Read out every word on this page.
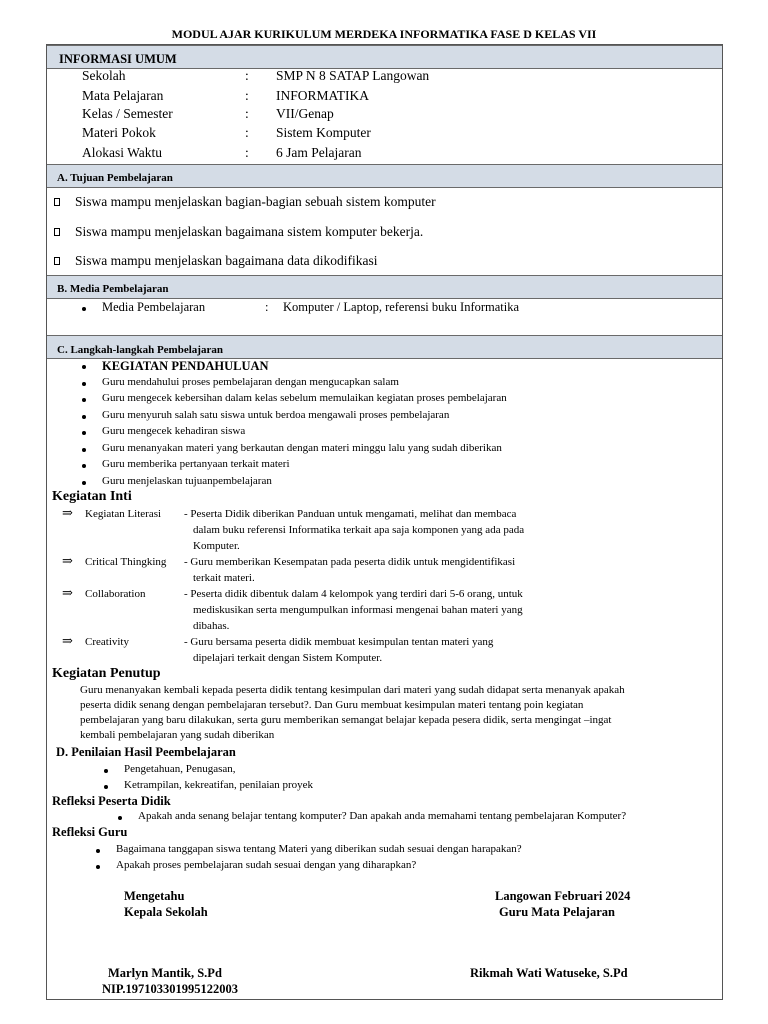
MODUL AJAR KURIKULUM MERDEKA INFORMATIKA FASE D KELAS VII
INFORMASI UMUM
Sekolah	: SMP N 8 SATAP Langowan
Mata Pelajaran	: INFORMATIKA
Kelas / Semester	: VII/Genap
Materi Pokok	: Sistem Komputer
Alokasi Waktu	: 6 Jam Pelajaran
A. Tujuan Pembelajaran
Siswa mampu menjelaskan bagian-bagian sebuah sistem komputer
Siswa mampu menjelaskan bagaimana sistem komputer bekerja.
Siswa mampu menjelaskan bagaimana data dikodifikasi
B. Media Pembelajaran
Media Pembelajaran	: Komputer / Laptop, referensi buku Informatika
C. Langkah-langkah Pembelajaran
KEGIATAN PENDAHULUAN
Guru mendahului proses pembelajaran dengan mengucapkan salam
Guru mengecek kebersihan dalam kelas sebelum memulaikan kegiatan proses pembelajaran
Guru menyuruh salah satu siswa untuk berdoa mengawali proses pembelajaran
Guru mengecek kehadiran siswa
Guru menanyakan materi yang berkautan dengan materi minggu lalu yang sudah diberikan
Guru memberika pertanyaan terkait materi
Guru menjelaskan tujuanpembelajaran
Kegiatan Inti
⇒ Kegiatan Literasi - Peserta Didik diberikan Panduan untuk mengamati, melihat dan membaca
dalam buku referensi Informatika terkait apa saja komponen yang ada pada
Komputer.
⇒ Critical Thingking - Guru memberikan Kesempatan pada peserta didik untuk mengidentifikasi
terkait materi.
⇒ Collaboration	- Peserta didik dibentuk dalam 4 kelompok yang terdiri dari 5-6 orang, untuk
mediskusikan serta mengumpulkan informasi mengenai bahan materi yang
dibahas.
⇒ Creativity	- Guru bersama peserta didik membuat kesimpulan tentan materi yang
dipelajari terkait dengan Sistem Komputer.
Kegiatan Penutup
Guru menanyakan kembali kepada peserta didik tentang kesimpulan dari materi yang sudah didapat serta menanyak apakah
peserta didik senang dengan pembelajaran tersebut?. Dan Guru membuat kesimpulan materi tentang poin kegiatan
pembelajaran yang baru dilakukan, serta guru memberikan semangat belajar kepada pesera didik, serta mengingat –ingat
kembali pembelajaran yang sudah diberikan
D. Penilaian Hasil Peembelajaran
Pengetahuan, Penugasan,
Ketrampilan, kekreatifan, penilaian proyek
Refleksi Peserta Didik
Apakah anda senang belajar tentang komputer? Dan apakah anda memahami tentang pembelajaran Komputer?
Refleksi Guru
Bagaimana tanggapan siswa tentang Materi yang diberikan sudah sesuai dengan harapakan?
Apakah proses pembelajaran sudah sesuai dengan yang diharapkan?
Mengetahu
Kepala Sekolah
Langowan Februari 2024
Guru Mata Pelajaran
Marlyn Mantik, S.Pd
NIP.197103301995122003
Rikmah Wati Watuseke, S.Pd
